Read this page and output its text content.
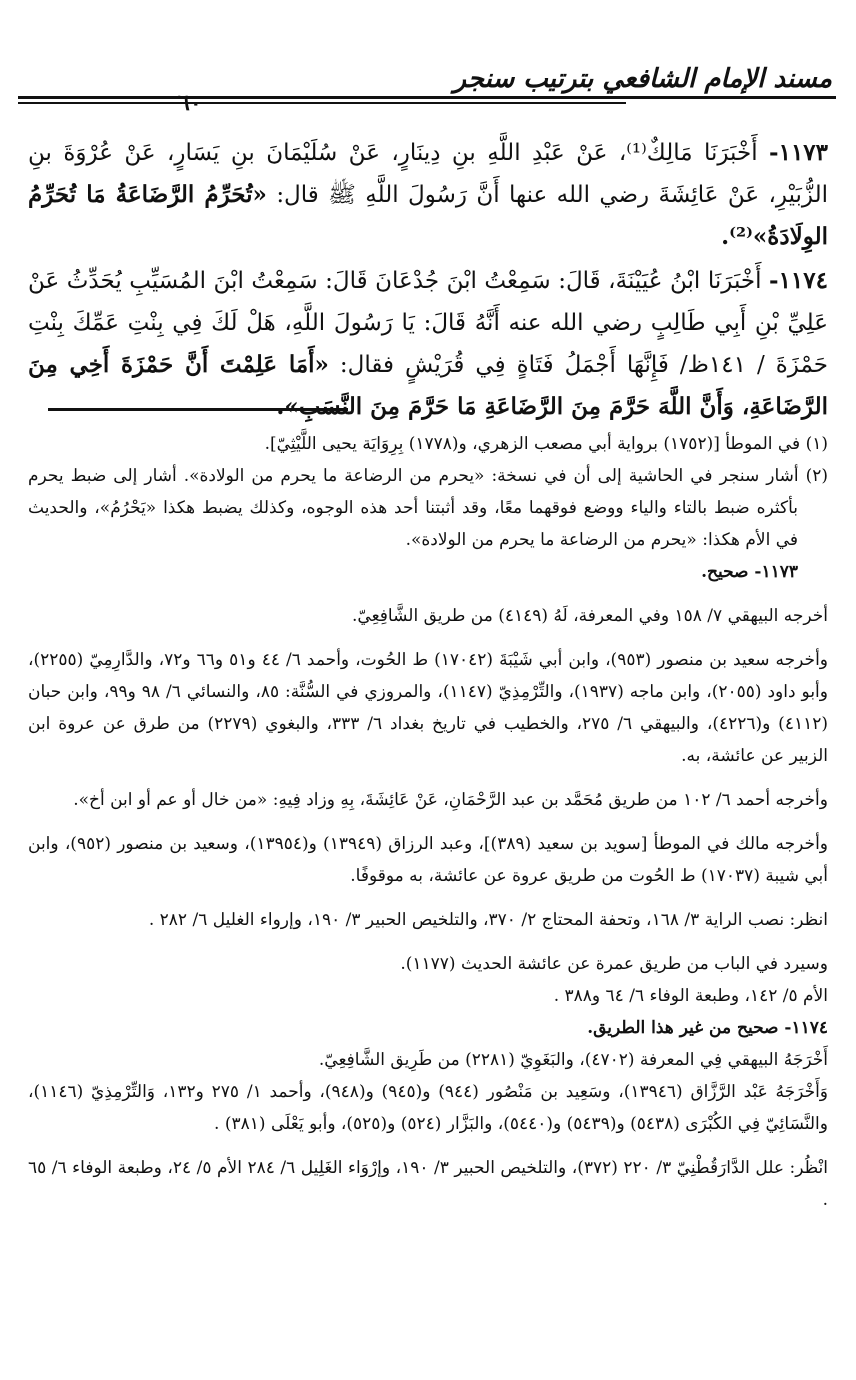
مسند الإمام الشافعي بترتيب سنجر
٦٠

١١٧٣- أَخْبَرَنَا مَالِكٌ⁽¹⁾، عَنْ عَبْدِ اللَّهِ بنِ دِينَارٍ، عَنْ سُلَيْمَانَ بنِ يَسَارٍ، عَنْ عُرْوَةَ بنِ الزُّبَيْرِ، عَنْ عَائِشَةَ رضي الله عنها أَنَّ رَسُولَ اللَّهِ ﷺ قال: «تُحَرِّمُ الرَّضَاعَةُ مَا تُحَرِّمُ الوِلَادَةُ»⁽²⁾.

١١٧٤- أَخْبَرَنَا ابْنُ عُيَيْنَةَ، قَالَ: سَمِعْتُ ابْنَ جُدْعَانَ قَالَ: سَمِعْتُ ابْنَ المُسَيِّبِ يُحَدِّثُ عَنْ عَلِيِّ بْنِ أَبِي طَالِبٍ رضي الله عنه أَنَّهُ قَالَ: يَا رَسُولَ اللَّهِ، هَلْ لَكَ فِي بِنْتِ عَمِّكَ بِنْتِ حَمْزَةَ / ١٤١ظ/ فَإِنَّهَا أَجْمَلُ فَتَاةٍ فِي قُرَيْشٍ فقال: «أَمَا عَلِمْتَ أَنَّ حَمْزَةَ أَخِي مِنَ الرَّضَاعَةِ، وَأَنَّ اللَّهَ حَرَّمَ مِنَ الرَّضَاعَةِ مَا حَرَّمَ مِنَ النَّسَبِ».

(١) في الموطأ [(١٧٥٢) برواية أبي مصعب الزهري، و(١٧٧٨) بِرِوَايَة يحيى اللَّيْثِيّ].

(٢) أشار سنجر في الحاشية إلى أن في نسخة: «يحرم من الرضاعة ما يحرم من الولادة». أشار إلى ضبط يحرم بأكثره ضبط بالتاء والياء ووضع فوقهما معًا، وقد أثبتنا أحد هذه الوجوه، وكذلك يضبط هكذا «يَحْرُمُ»، والحديث في الأم هكذا: «يحرم من الرضاعة ما يحرم من الولادة».

١١٧٣- صحيح.

أخرجه البيهقي ٧/ ١٥٨ وفي المعرفة، لَهُ (٤١٤٩) من طريق الشَّافِعِيّ.

وأخرجه سعيد بن منصور (٩٥٣)، وابن أبي شَيْبَةَ (١٧٠٤٢) ط الحُوت، وأحمد ٦/ ٤٤ و٥١ و٦٦ و٧٢، والدَّارِمِيّ (٢٢٥٥)، وأبو داود (٢٠٥٥)، وابن ماجه (١٩٣٧)، والتِّرْمِذِيّ (١١٤٧)، والمروزي في السُّنَّة: ٨٥، والنسائي ٦/ ٩٨ و٩٩، وابن حبان (٤١١٢) و(٤٢٢٦)، والبيهقي ٦/ ٢٧٥، والخطيب في تاريخ بغداد ٦/ ٣٣٣، والبغوي (٢٢٧٩) من طرق عن عروة ابن الزبير عن عائشة، به.

وأخرجه أحمد ٦/ ١٠٢ من طريق مُحَمَّد بن عبد الرَّحْمَانِ، عَنْ عَائِشَةَ، بِهِ وزاد فِيهِ: «من خال أو عم أو ابن أخ».

وأخرجه مالك في الموطأ [سويد بن سعيد (٣٨٩)]، وعبد الرزاق (١٣٩٤٩) و(١٣٩٥٤)، وسعيد بن منصور (٩٥٢)، وابن أبي شيبة (١٧٠٣٧) ط الحُوت من طريق عروة عن عائشة، به موقوفًا.

انظر: نصب الراية ٣/ ١٦٨، وتحفة المحتاج ٢/ ٣٧٠، والتلخيص الحبير ٣/ ١٩٠، وإرواء الغليل ٦/ ٢٨٢ .

وسيرد في الباب من طريق عمرة عن عائشة الحديث (١١٧٧).

الأم ٥/ ١٤٢، وطبعة الوفاء ٦/ ٦٤ و٣٨٨ .

١١٧٤- صحيح من غير هذا الطريق.

أَخْرَجَهُ البيهقي فِي المعرفة (٤٧٠٢)، والبَغَوِيّ (٢٢٨١) من طَرِيق الشَّافِعِيّ.

وَأَخْرَجَهُ عَبْد الرَّزَّاق (١٣٩٤٦)، وسَعِيد بن مَنْصُور (٩٤٤) و(٩٤٥) و(٩٤٨)، وأحمد ١/ ٢٧٥ و١٣٢، وَالتِّرْمِذِيّ (١١٤٦)، والنَّسَائِيّ فِي الكُبْرَى (٥٤٣٨) و(٥٤٣٩) و(٥٤٤٠)، والبَزَّار (٥٢٤) و(٥٢٥)، وأبو يَعْلَى (٣٨١) .

انْظُر: علل الدَّارَقُطْنِيّ ٣/ ٢٢٠ (٣٧٢)، والتلخيص الحبير ٣/ ١٩٠، وإرْوَاء الغَلِيل ٦/ ٢٨٤ الأم ٥/ ٢٤، وطبعة الوفاء ٦/ ٦٥ .
